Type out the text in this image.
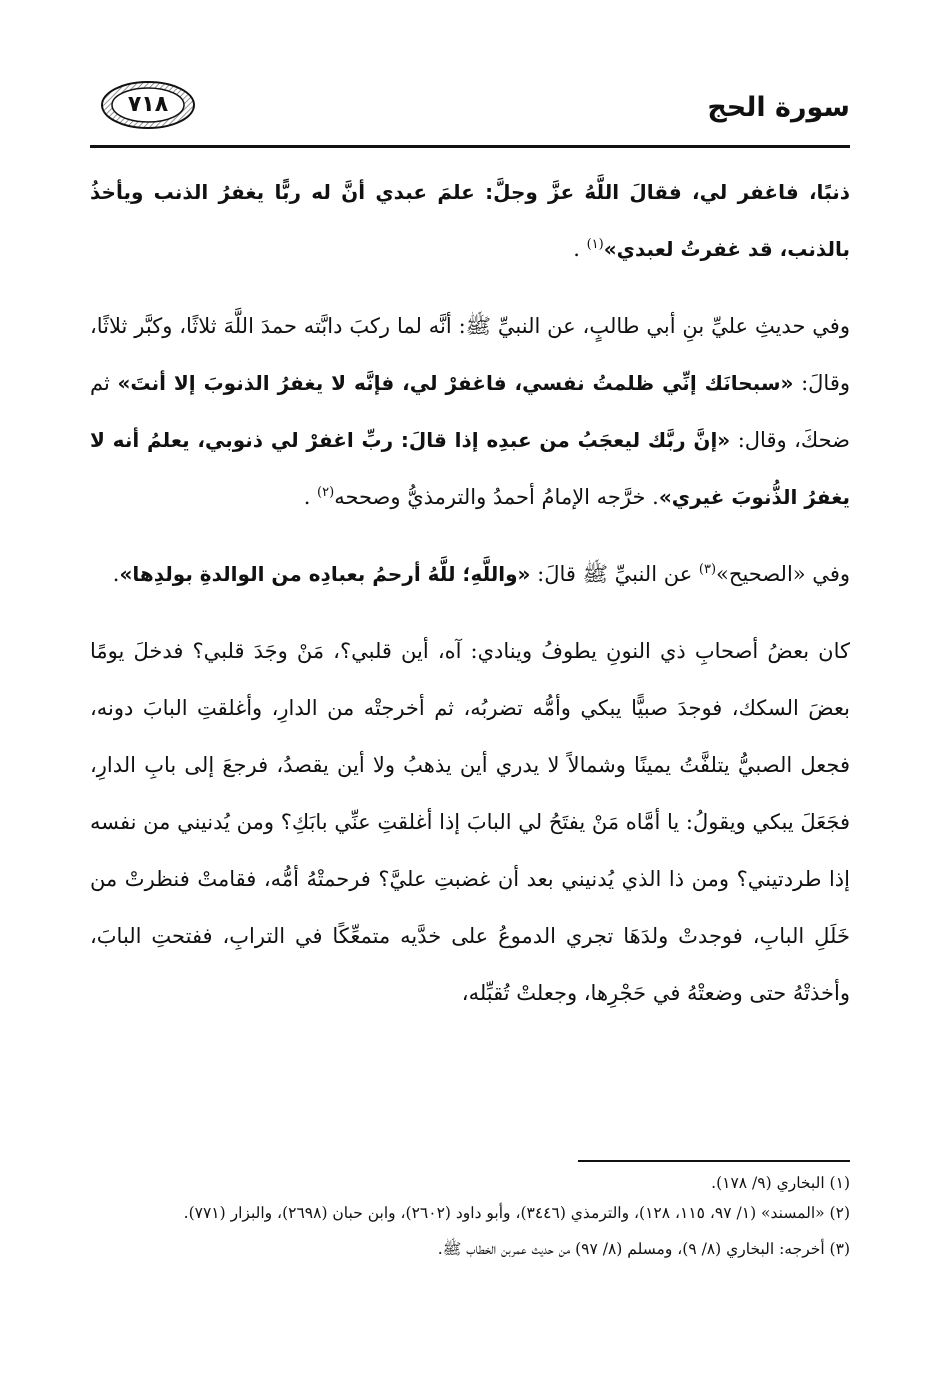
سورة الحج
٧١٨

ذنبًا، فاغفر لي، فقالَ اللَّهُ عزَّ وجلَّ: علمَ عبدي أنَّ له ربًّا يغفرُ الذنب ويأخذُ بالذنب، قد غفرتُ لعبدي»$^{(١)}$ .

وفي حديثِ عليِّ بنِ أبي طالبٍ، عن النبيِّ ﷺ: أنَّه لما ركبَ دابَّته حمدَ اللَّهَ ثلاثًا، وكبَّر ثلاثًا، وقالَ: «سبحانَك إنِّي ظلمتُ نفسي، فاغفرْ لي، فإنَّه لا يغفرُ الذنوبَ إلا أنتَ» ثم ضحكَ، وقال: «إنَّ ربَّك ليعجَبُ من عبدِه إذا قالَ: ربِّ اغفرْ لي ذنوبي، يعلمُ أنه لا يغفرُ الذُّنوبَ غيري». خرَّجه الإمامُ أحمدُ والترمذيُّ وصححه$^{(٢)}$ .

وفي «الصحيح»$^{(٣)}$ عن النبيِّ ﷺ قالَ: «واللَّهِ؛ للَّهُ أرحمُ بعبادِه من الوالدةِ بولدِها».

كان بعضُ أصحابِ ذي النونِ يطوفُ وينادي: آه، أين قلبي؟، مَنْ وجَدَ قلبي؟ فدخلَ يومًا بعضَ السكك، فوجدَ صبيًّا يبكي وأمُّه تضربُه، ثم أخرجتْه من الدارِ، وأغلقتِ البابَ دونه، فجعل الصبيُّ يتلفَّتُ يمينًا وشمالاً لا يدري أين يذهبُ ولا أين يقصدُ، فرجعَ إلى بابِ الدارِ، فجَعَلَ يبكي ويقولُ: يا أمَّاه مَنْ يفتَحُ لي البابَ إذا أغلقتِ عنِّي بابَكِ؟ ومن يُدنيني من نفسه إذا طردتيني؟ ومن ذا الذي يُدنيني بعد أن غضبتِ عليَّ؟ فرحمتْهُ أمُّه، فقامتْ فنظرتْ من خَلَلِ البابِ، فوجدتْ ولدَهَا تجري الدموعُ على خدَّيه متمعِّكًا في الترابِ، ففتحتِ البابَ، وأخذتْهُ حتى وضعتْهُ في حَجْرِها، وجعلتْ تُقبِّله،

(١) البخاري (٩/ ١٧٨).

(٢) «المسند» (١/ ٩٧، ١١٥، ١٢٨)، والترمذي (٣٤٤٦)، وأبو داود (٢٦٠٢)، وابن حبان (٢٦٩٨)، والبزار (٧٧١).

(٣) أخرجه: البخاري (٨/ ٩)، ومسلم (٨/ ٩٧) من حديث عمربن الخطاب ﷺ.
